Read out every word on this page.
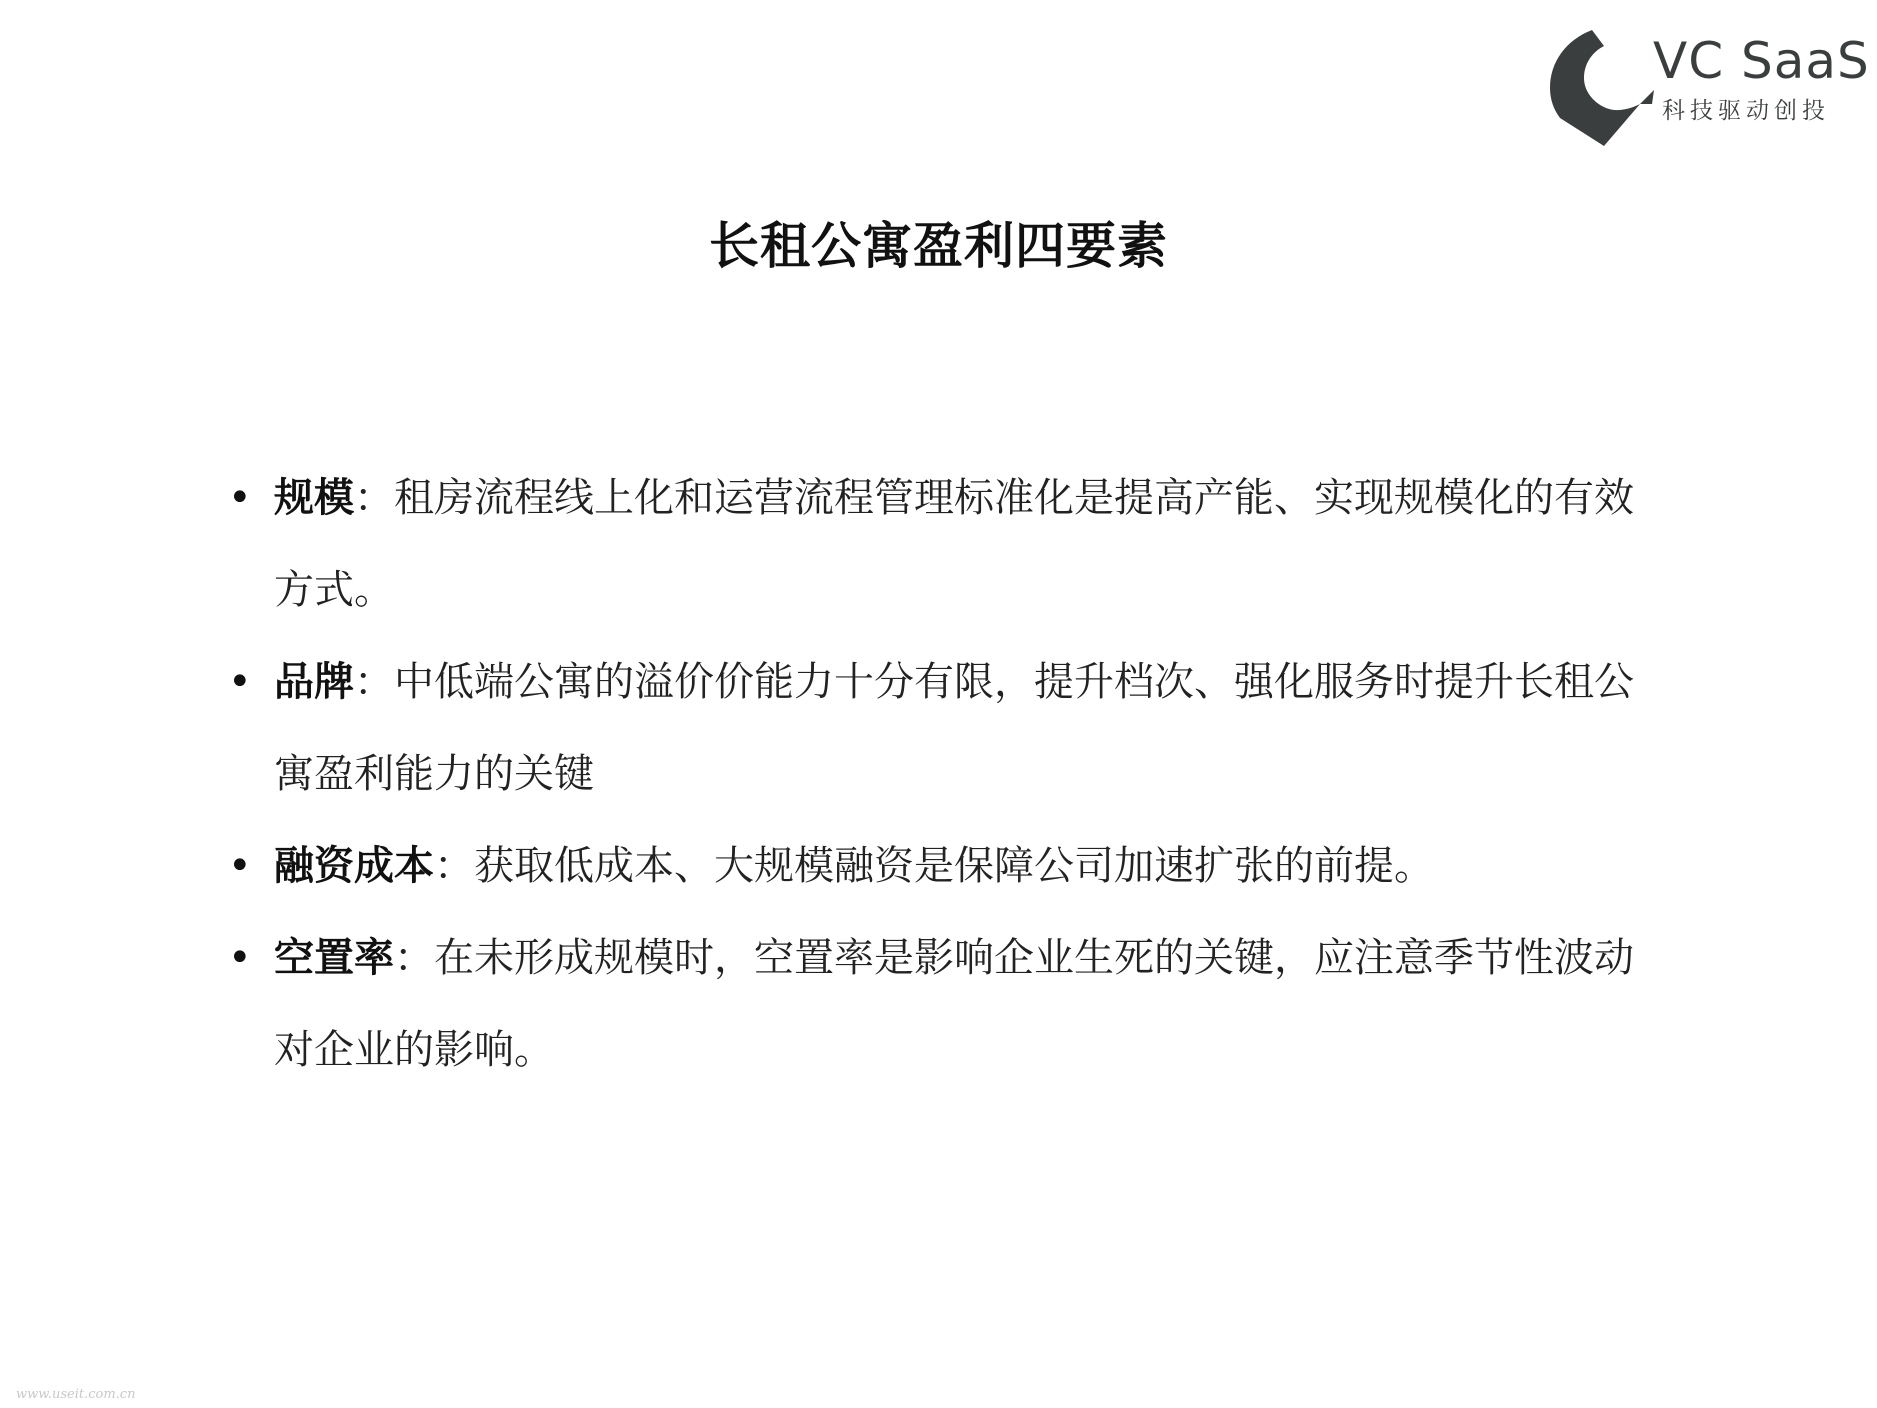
VC SaaS
科技驱动创投
长租公寓盈利四要素
• 规模：租房流程线上化和运营流程管理标准化是提高产能、实现规模化的有效方式。
• 品牌：中低端公寓的溢价价能力十分有限，提升档次、强化服务时提升长租公寓盈利能力的关键
• 融资成本：获取低成本、大规模融资是保障公司加速扩张的前提。
• 空置率：在未形成规模时，空置率是影响企业生死的关键，应注意季节性波动对企业的影响。
www.useit.com.cn
